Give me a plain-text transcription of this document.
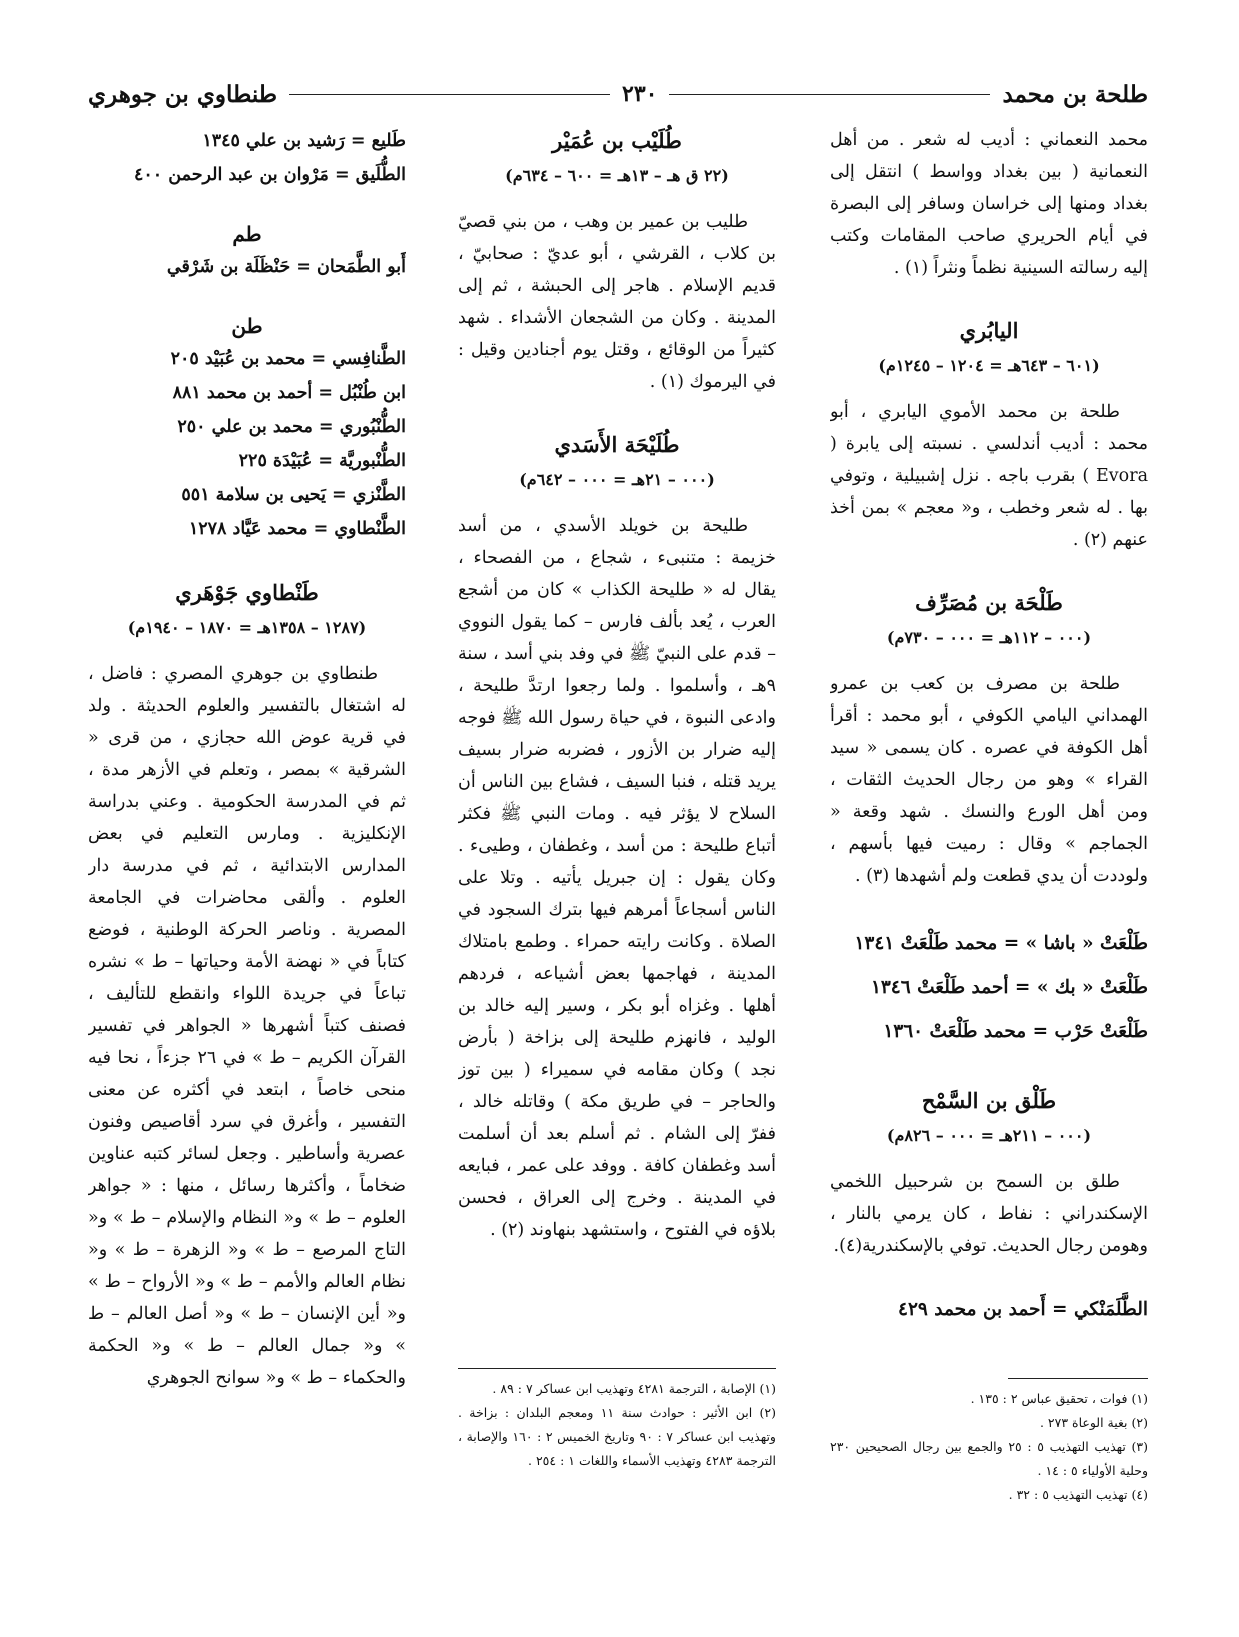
طلحة بن محمد
٢٣٠
طنطاوي بن جوهري

محمد النعماني : أديب له شعر . من أهل النعمانية ( بين بغداد وواسط ) انتقل إلى بغداد ومنها إلى خراسان وسافر إلى البصرة في أيام الحريري صاحب المقامات وكتب إليه رسالته السينية نظماً ونثراً (١) .

اليابُري
(٦٠١ – ٦٤٣هـ = ١٢٠٤ – ١٢٤٥م)

طلحة بن محمد الأموي اليابري ، أبو محمد : أديب أندلسي . نسبته إلى يابرة ( Evora ) بقرب باجه . نزل إشبيلية ، وتوفي بها . له شعر وخطب ، و« معجم » بمن أخذ عنهم (٢) .

طَلْحَة بن مُصَرِّف
(٠٠٠ – ١١٢هـ = ٠٠٠ – ٧٣٠م)

طلحة بن مصرف بن كعب بن عمرو الهمداني اليامي الكوفي ، أبو محمد : أقرأ أهل الكوفة في عصره . كان يسمى « سيد القراء » وهو من رجال الحديث الثقات ، ومن أهل الورع والنسك . شهد وقعة « الجماجم » وقال : رميت فيها بأسهم ، ولوددت أن يدي قطعت ولم أشهدها (٣) .

طَلْعَتْ « باشا » = محمد طَلْعَتْ ١٣٤١
طَلْعَتْ « بك » = أحمد طَلْعَتْ ١٣٤٦
طَلْعَتْ حَرْب = محمد طَلْعَتْ ١٣٦٠
طَلْق بن السَّمْح
(٠٠٠ – ٢١١هـ = ٠٠٠ – ٨٢٦م)

طلق بن السمح بن شرحبيل اللخمي الإسكندراني : نفاط ، كان يرمي بالنار ، وهومن رجال الحديث. توفي بالإسكندرية(٤).

الطَّلَمَنْكي = أَحمد بن محمد ٤٢٩

(١) فوات ، تحقيق عباس ٢ : ١٣٥ .

(٢) بغية الوعاة ٢٧٣ .

(٣) تهذيب التهذيب ٥ : ٢٥ والجمع بين رجال الصحيحين ٢٣٠ وحلية الأولياء ٥ : ١٤ .

(٤) تهذيب التهذيب ٥ : ٣٢ .

طُلَيْب بن عُمَيْر
(٢٢ ق هـ – ١٣هـ = ٦٠٠ – ٦٣٤م)

طليب بن عمير بن وهب ، من بني قصيّ بن كلاب ، القرشي ، أبو عديّ : صحابيّ ، قديم الإسلام . هاجر إلى الحبشة ، ثم إلى المدينة . وكان من الشجعان الأشداء . شهد كثيراً من الوقائع ، وقتل يوم أجنادين وقيل : في اليرموك (١) .

طُلَيْحَة الأَسَدي
(٠٠٠ – ٢١هـ = ٠٠٠ – ٦٤٢م)

طليحة بن خويلد الأسدي ، من أسد خزيمة : متنبىء ، شجاع ، من الفصحاء ، يقال له « طليحة الكذاب » كان من أشجع العرب ، يُعد بألف فارس – كما يقول النووي – قدم على النبيّ ﷺ في وفد بني أسد ، سنة ٩هـ ، وأسلموا . ولما رجعوا ارتدَّ طليحة ، وادعى النبوة ، في حياة رسول الله ﷺ فوجه إليه ضرار بن الأزور ، فضربه ضرار بسيف يريد قتله ، فنبا السيف ، فشاع بين الناس أن السلاح لا يؤثر فيه . ومات النبي ﷺ فكثر أتباع طليحة : من أسد ، وغطفان ، وطيىء . وكان يقول : إن جبريل يأتيه . وتلا على الناس أسجاعاً أمرهم فيها بترك السجود في الصلاة . وكانت رايته حمراء . وطمع بامتلاك المدينة ، فهاجمها بعض أشياعه ، فردهم أهلها . وغزاه أبو بكر ، وسير إليه خالد بن الوليد ، فانهزم طليحة إلى بزاخة ( بأرض نجد ) وكان مقامه في سميراء ( بين توز والحاجر – في طريق مكة ) وقاتله خالد ، ففرّ إلى الشام . ثم أسلم بعد أن أسلمت أسد وغطفان كافة . ووفد على عمر ، فبايعه في المدينة . وخرج إلى العراق ، فحسن بلاؤه في الفتوح ، واستشهد بنهاوند (٢) .

(١) الإصابة ، الترجمة ٤٢٨١ وتهذيب ابن عساكر ٧ : ٨٩ .

(٢) ابن الأثير : حوادث سنة ١١ ومعجم البلدان : بزاخة . وتهذيب ابن عساكر ٧ : ٩٠ وتاريخ الخميس ٢ : ١٦٠ والإصابة ، الترجمة ٤٢٨٣ وتهذيب الأسماء واللغات ١ : ٢٥٤ .

طَليع = رَشيد بن علي ١٣٤٥
الطُّلَيق = مَرْوان بن عبد الرحمن ٤٠٠
طم
أَبو الطَّمَحان = حَنْظَلَة بن شَرْقي
طن
الطَّنافِسي = محمد بن عُبَيْد ٢٠٥
ابن طُنْبُل = أحمد بن محمد ٨٨١
الطُّنْبُوري = محمد بن علي ٢٥٠
الطُّنْبوريَّة = عُبَيْدَة ٢٢٥
الطَّنْزي = يَحيى بن سلامة ٥٥١
الطَّنْطاوي = محمد عَيَّاد ١٢٧٨
طَنْطاوي جَوْهَري
(١٢٨٧ – ١٣٥٨هـ = ١٨٧٠ – ١٩٤٠م)

طنطاوي بن جوهري المصري : فاضل ، له اشتغال بالتفسير والعلوم الحديثة . ولد في قرية عوض الله حجازي ، من قرى « الشرقية » بمصر ، وتعلم في الأزهر مدة ، ثم في المدرسة الحكومية . وعني بدراسة الإنكليزية . ومارس التعليم في بعض المدارس الابتدائية ، ثم في مدرسة دار العلوم . وألقى محاضرات في الجامعة المصرية . وناصر الحركة الوطنية ، فوضع كتاباً في « نهضة الأمة وحياتها – ط » نشره تباعاً في جريدة اللواء وانقطع للتأليف ، فصنف كتباً أشهرها « الجواهر في تفسير القرآن الكريم – ط » في ٢٦ جزءاً ، نحا فيه منحى خاصاً ، ابتعد في أكثره عن معنى التفسير ، وأغرق في سرد أقاصيص وفنون عصرية وأساطير . وجعل لسائر كتبه عناوين ضخاماً ، وأكثرها رسائل ، منها : « جواهر العلوم – ط » و« النظام والإسلام – ط » و« التاج المرصع – ط » و« الزهرة – ط » و« نظام العالم والأمم – ط » و« الأرواح – ط » و« أين الإنسان – ط » و« أصل العالم – ط » و« جمال العالم – ط » و« الحكمة والحكماء – ط » و« سوانح الجوهري
